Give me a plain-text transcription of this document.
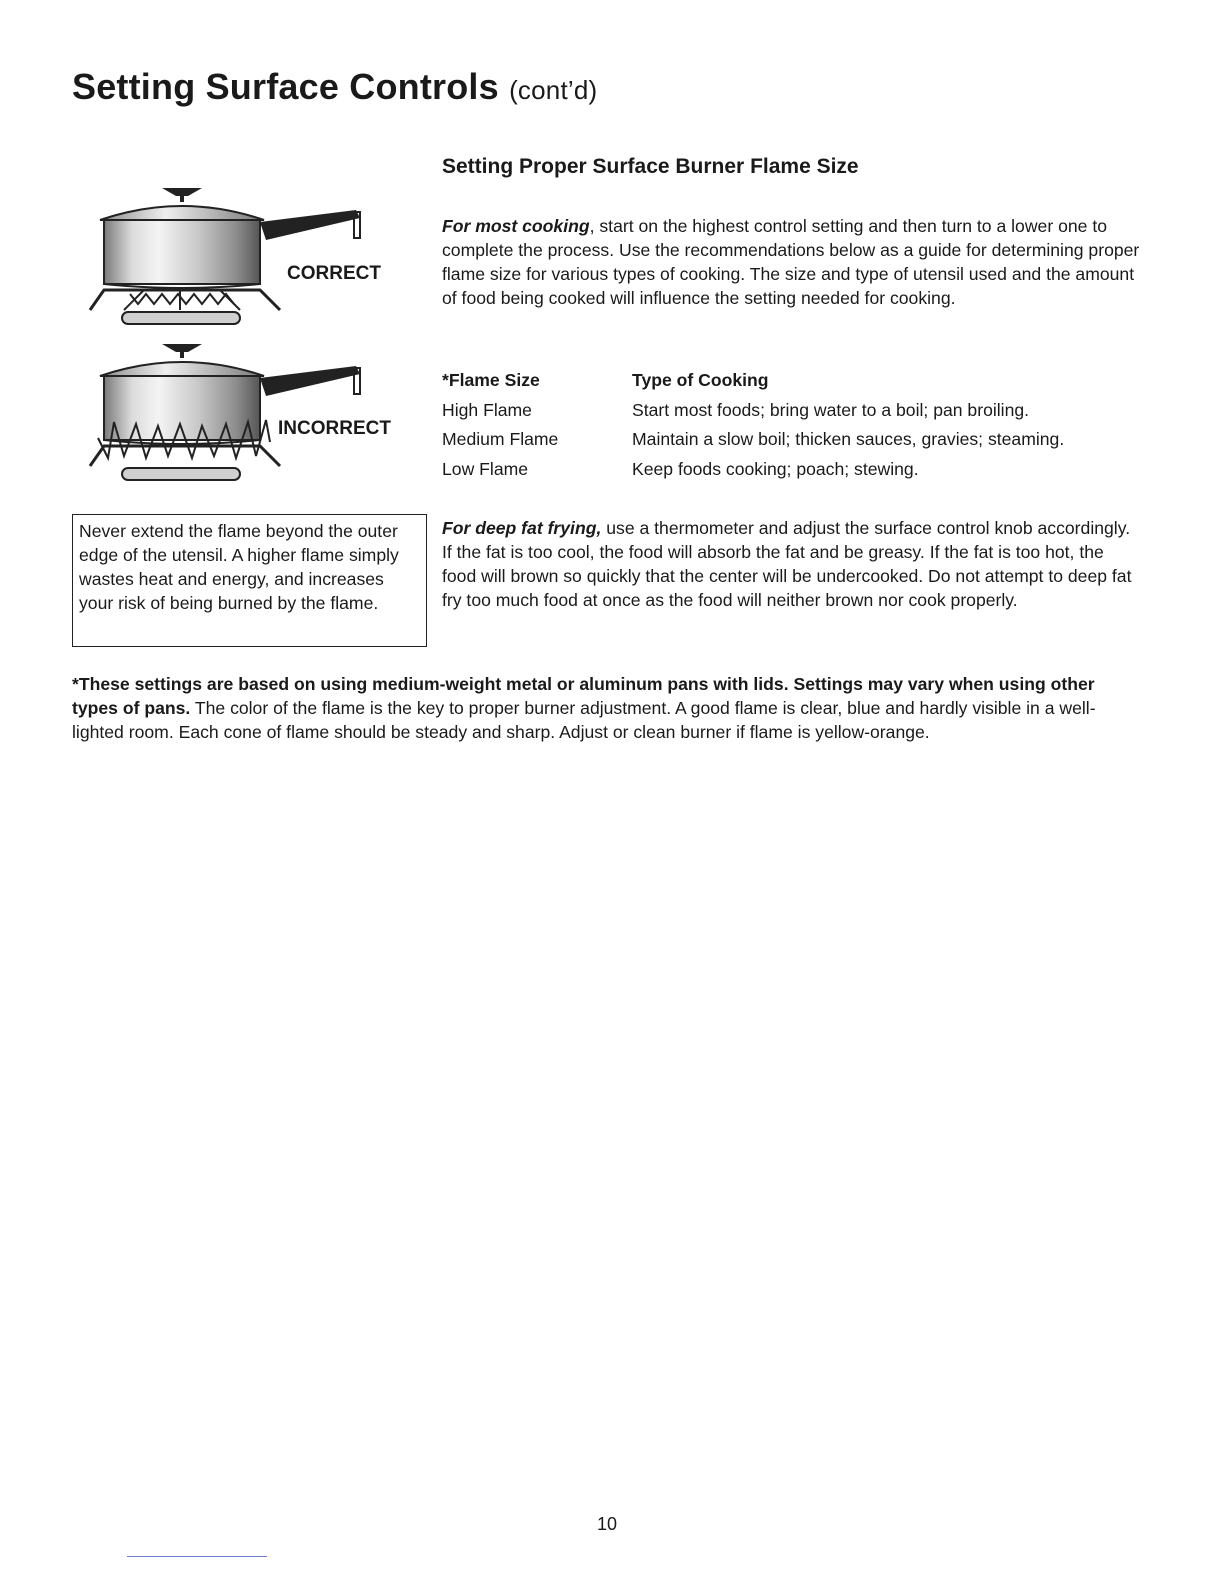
Setting Surface Controls (cont’d)
CORRECT
INCORRECT
Setting Proper Surface Burner Flame Size

For most cooking, start on the highest control setting and then turn to a lower one to complete the process. Use the recommendations below as a guide for determining proper flame size for various types of cooking. The size and type of utensil used and the amount of food being cooked will influence the setting needed for cooking.

*Flame Size	Type of Cooking
High Flame	Start most foods; bring water to a boil; pan broiling.
Medium Flame	Maintain a slow boil; thicken sauces, gravies; steaming.
Low Flame	Keep foods cooking; poach; stewing.
Never extend the flame beyond the outer edge of the utensil. A higher flame simply wastes heat and energy, and increases your risk of being burned by the flame.

For deep fat frying, use a thermometer and adjust the surface control knob accordingly. If the fat is too cool, the food will absorb the fat and be greasy. If the fat is too hot, the food will brown so quickly that the center will be undercooked. Do not attempt to deep fat fry too much food at once as the food will neither brown nor cook properly.

*These settings are based on using medium-weight metal or aluminum pans with lids. Settings may vary when using other types of pans. The color of the flame is the key to proper burner adjustment. A good flame is clear, blue and hardly visible in a well-lighted room. Each cone of flame should be steady and sharp. Adjust or clean burner if flame is yellow-orange.

10
